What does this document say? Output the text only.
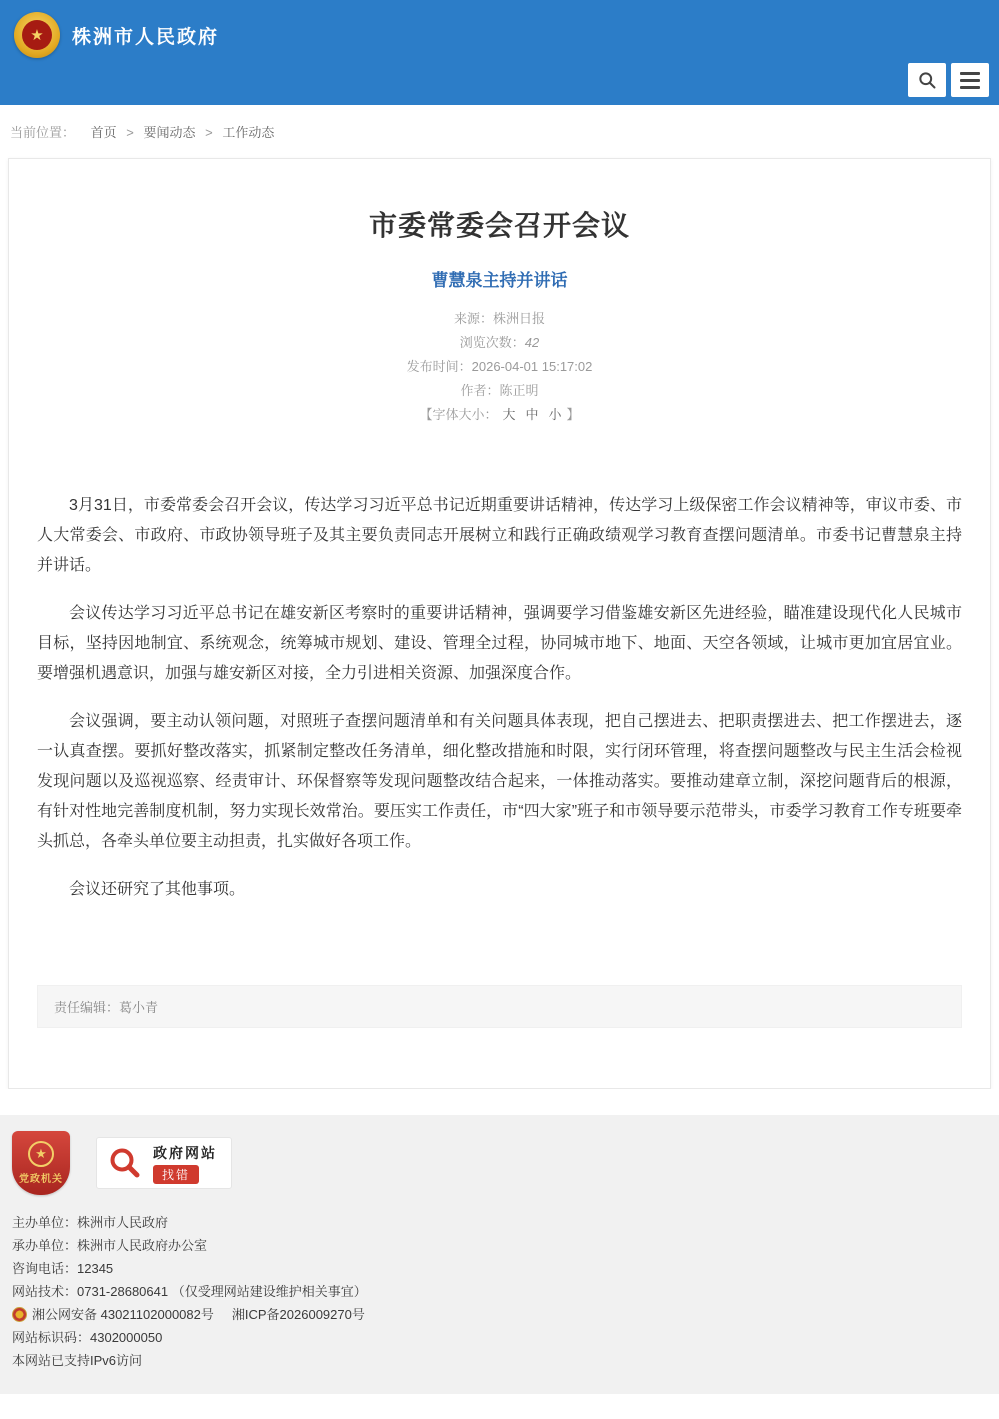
★	株洲市人民政府
当前位置： 首页 > 要闻动态 > 工作动态
市委常委会召开会议
曹慧泉主持并讲话
来源：株洲日报
浏览次数：42
发布时间：2026-04-01 15:17:02
作者：陈正明
【字体大小： 大 中 小 】

3月31日，市委常委会召开会议，传达学习习近平总书记近期重要讲话精神，传达学习上级保密工作会议精神等，审议市委、市人大常委会、市政府、市政协领导班子及其主要负责同志开展树立和践行正确政绩观学习教育查摆问题清单。市委书记曹慧泉主持并讲话。

会议传达学习习近平总书记在雄安新区考察时的重要讲话精神，强调要学习借鉴雄安新区先进经验，瞄准建设现代化人民城市目标，坚持因地制宜、系统观念，统筹城市规划、建设、管理全过程，协同城市地下、地面、天空各领域，让城市更加宜居宜业。要增强机遇意识，加强与雄安新区对接，全力引进相关资源、加强深度合作。

会议强调，要主动认领问题，对照班子查摆问题清单和有关问题具体表现，把自己摆进去、把职责摆进去、把工作摆进去，逐一认真查摆。要抓好整改落实，抓紧制定整改任务清单，细化整改措施和时限，实行闭环管理，将查摆问题整改与民主生活会检视发现问题以及巡视巡察、经责审计、环保督察等发现问题整改结合起来，一体推动落实。要推动建章立制，深挖问题背后的根源，有针对性地完善制度机制，努力实现长效常治。要压实工作责任，市“四大家”班子和市领导要示范带头，市委学习教育工作专班要牵头抓总，各牵头单位要主动担责，扎实做好各项工作。

会议还研究了其他事项。

责任编辑：葛小青
★
党政机关
政府网站
找错

主办单位：株洲市人民政府

承办单位：株洲市人民政府办公室

咨询电话：12345

网站技术：0731-28680641 （仅受理网站建设维护相关事宜）

湘公网安备 43021102000082号 湘ICP备2026009270号

网站标识码：4302000050

本网站已支持IPv6访问
